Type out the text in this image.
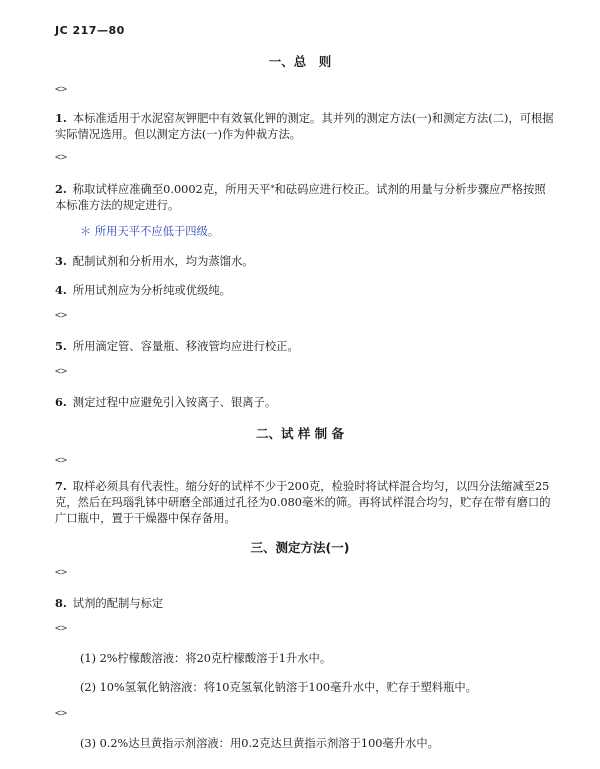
JC 217—80
一、总　则
<>
1. 本标准适用于水泥窑灰钾肥中有效氧化钾的测定。其并列的测定方法(一)和测定方法(二)，可根据实际情况选用。但以测定方法(一)作为仲裁方法。
<>
2. 称取试样应准确至0.0002克，所用天平*和砝码应进行校正。试剂的用量与分析步骤应严格按照本标准方法的规定进行。
＊ 所用天平不应低于四级。
3. 配制试剂和分析用水，均为蒸馏水。
4. 所用试剂应为分析纯或优级纯。
<>
5. 所用滴定管、容量瓶、移液管均应进行校正。
<>
6. 测定过程中应避免引入铵离子、银离子。
二、试 样 制 备
<>
7. 取样必须具有代表性。缩分好的试样不少于200克，检验时将试样混合均匀，以四分法缩减至25克，然后在玛瑙乳钵中研磨全部通过孔径为0.080毫米的筛。再将试样混合均匀，贮存在带有磨口的广口瓶中，置于干燥器中保存备用。
三、测定方法(一)
<>
8. 试剂的配制与标定
<>
(1) 2%柠檬酸溶液：将20克柠檬酸溶于1升水中。
(2) 10%氢氧化钠溶液：将10克氢氧化钠溶于100毫升水中，贮存于塑料瓶中。
<>
(3) 0.2%达旦黄指示剂溶液：用0.2克达旦黄指示剂溶于100毫升水中。
